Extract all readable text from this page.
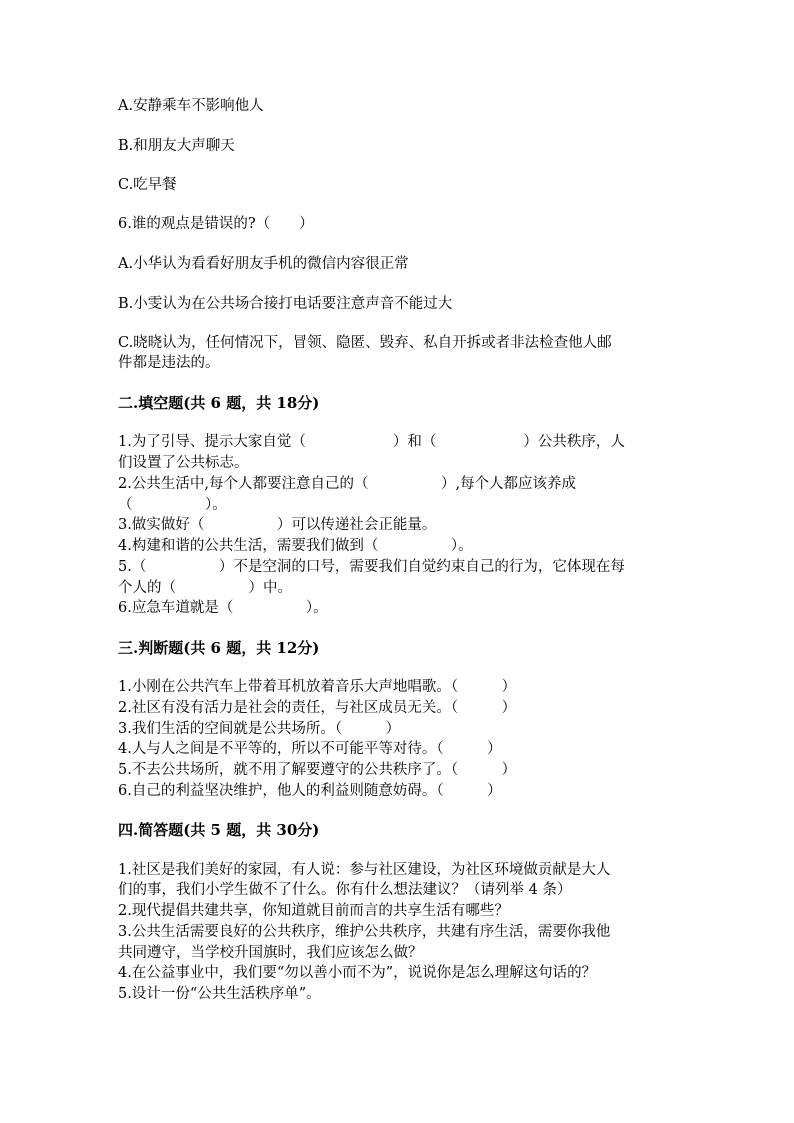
A.安静乘车不影响他人
B.和朋友大声聊天
C.吃早餐
6.谁的观点是错误的?（　　）
A.小华认为看看好朋友手机的微信内容很正常
B.小雯认为在公共场合接打电话要注意声音不能过大
C.晓晓认为，任何情况下，冒领、隐匿、毁弃、私自开拆或者非法检查他人邮
件都是违法的。
二.填空题(共 6 题，共 18分)
1.为了引导、提示大家自觉（　　　　　　）和（　　　　　　）公共秩序，人
们设置了公共标志。
2.公共生活中,每个人都要注意自己的（　　　　　）,每个人都应该养成
（　　　　　）。
3.做实做好（　　　　　）可以传递社会正能量。
4.构建和谐的公共生活，需要我们做到（　　　　　）。
5.（　　　　　）不是空洞的口号，需要我们自觉约束自己的行为，它体现在每
个人的（　　　　　）中。
6.应急车道就是（　　　　　）。
三.判断题(共 6 题，共 12分)
1.小刚在公共汽车上带着耳机放着音乐大声地唱歌。（　　　）
2.社区有没有活力是社会的责任，与社区成员无关。（　　　）
3.我们生活的空间就是公共场所。（　　　）
4.人与人之间是不平等的，所以不可能平等对待。（　　　）
5.不去公共场所，就不用了解要遵守的公共秩序了。（　　　）
6.自己的利益坚决维护，他人的利益则随意妨碍。（　　　）
四.简答题(共 5 题，共 30分)
1.社区是我们美好的家园，有人说：参与社区建设，为社区环境做贡献是大人
们的事，我们小学生做不了什么。你有什么想法建议？（请列举 4 条）
2.现代提倡共建共享，你知道就目前而言的共享生活有哪些？
3.公共生活需要良好的公共秩序，维护公共秩序，共建有序生活，需要你我他
共同遵守，当学校升国旗时，我们应该怎么做？
4.在公益事业中，我们要“勿以善小而不为”，说说你是怎么理解这句话的？
5.设计一份“公共生活秩序单”。
